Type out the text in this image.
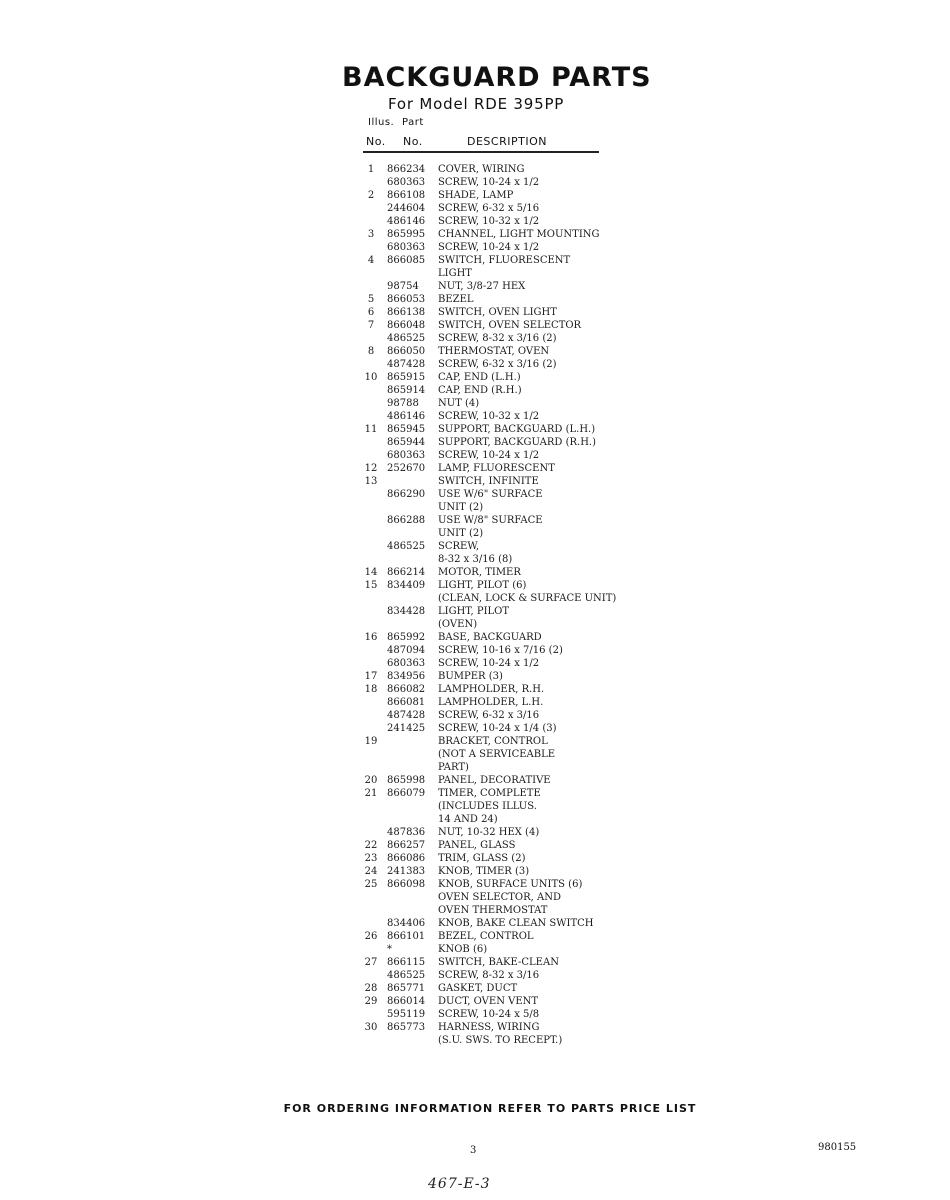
BACKGUARD PARTS
For Model RDE 395PP
Illus. Part
No. No.	DESCRIPTION
1	866234 COVER, WIRING
680363 SCREW, 10-24 x 1/2
2	866108 SHADE, LAMP
244604 SCREW, 6-32 x 5/16
486146 SCREW, 10-32 x 1/2
3	865995 CHANNEL, LIGHT MOUNTING
680363 SCREW, 10-24 x 1/2
4	866085 SWITCH, FLUORESCENT
LIGHT
98754 NUT, 3/8-27 HEX
5	866053 BEZEL
6	866138 SWITCH, OVEN LIGHT
7	866048 SWITCH, OVEN SELECTOR
486525 SCREW, 8-32 x 3/16 (2)
8	866050 THERMOSTAT, OVEN
487428 SCREW, 6-32 x 3/16 (2)
10 865915 CAP, END (L.H.)
865914 CAP, END (R.H.)
98788 NUT (4)
486146 SCREW, 10-32 x 1/2
11 865945 SUPPORT, BACKGUARD (L.H.)
865944 SUPPORT, BACKGUARD (R.H.)
680363 SCREW, 10-24 x 1/2
12 252670 LAMP, FLUORESCENT
13	SWITCH, INFINITE
866290 USE W/6" SURFACE
UNIT (2)
866288 USE W/8" SURFACE
UNIT (2)
486525 SCREW,
8-32 x 3/16 (8)
14 866214 MOTOR, TIMER
15 834409 LIGHT, PILOT (6)
(CLEAN, LOCK & SURFACE UNIT)
834428 LIGHT, PILOT
(OVEN)
16 865992 BASE, BACKGUARD
487094 SCREW, 10-16 x 7/16 (2)
680363 SCREW, 10-24 x 1/2
17 834956 BUMPER (3)
18 866082 LAMPHOLDER, R.H.
866081 LAMPHOLDER, L.H.
487428 SCREW, 6-32 x 3/16
241425 SCREW, 10-24 x 1/4 (3)
19	BRACKET, CONTROL
(NOT A SERVICEABLE
PART)
20 865998 PANEL, DECORATIVE
21 866079 TIMER, COMPLETE
(INCLUDES ILLUS.
14 AND 24)
487836 NUT, 10-32 HEX (4)
22 866257 PANEL, GLASS
23 866086 TRIM, GLASS (2)
24 241383 KNOB, TIMER (3)
25 866098 KNOB, SURFACE UNITS (6)
OVEN SELECTOR, AND
OVEN THERMOSTAT
834406 KNOB, BAKE CLEAN SWITCH
26 866101 BEZEL, CONTROL
*	KNOB (6)
27 866115 SWITCH, BAKE-CLEAN
486525 SCREW, 8-32 x 3/16
28 865771 GASKET, DUCT
29 866014 DUCT, OVEN VENT
595119 SCREW, 10-24 x 5/8
30 865773 HARNESS, WIRING
(S.U. SWS. TO RECEPT.)
FOR ORDERING INFORMATION REFER TO PARTS PRICE LIST
3	980155
467-E-3
